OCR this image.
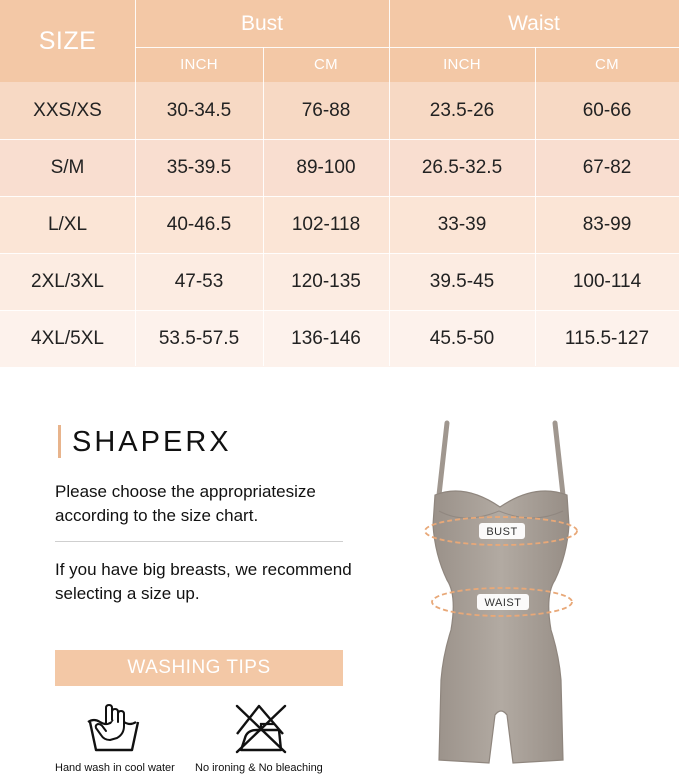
SIZE
Bust	Waist
INCH	CM	INCH	CM
XXS/XS	30-34.5	76-88	23.5-26	60-66
S/M	35-39.5	89-100	26.5-32.5	67-82
L/XL	40-46.5	102-118	33-39	83-99
2XL/3XL	47-53	120-135	39.5-45	100-114
4XL/5XL	53.5-57.5	136-146	45.5-50	115.5-127
SHAPERX
Please choose the appropriatesize according to the size chart.
If you have big breasts, we recommend selecting a size up.
WASHING TIPS
Hand wash in cool water No ironing & No bleaching
BUST
WAIST
